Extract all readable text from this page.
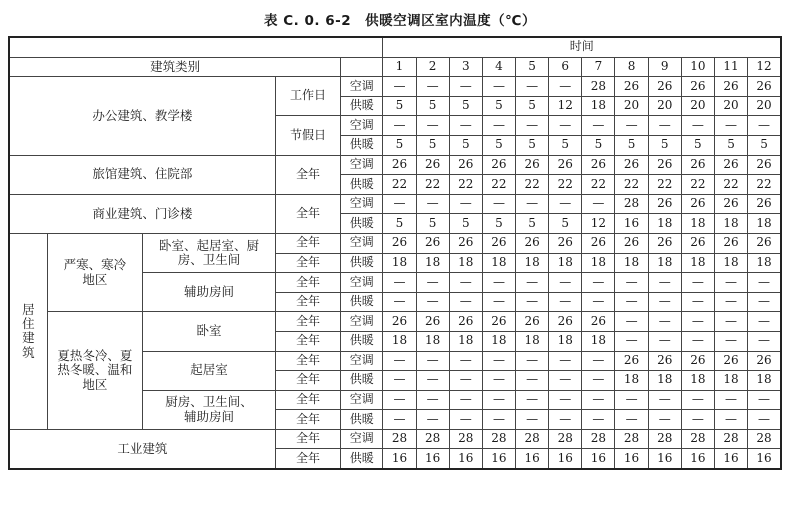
表 C. 0. 6-2　供暖空调区室内温度（℃）
					时间											
建筑类别					1	2	3	4	5	6	7	8	9	10	11	12
办公建筑、教学楼			工作日	空调	—	—	—	—	—	—	28	26	26	26	26	26
				供暖	5	5	5	5	5	12	18	20	20	20	20	20
			节假日	空调	—	—	—	—	—	—	—	—	—	—	—	—
				供暖	5	5	5	5	5	5	5	5	5	5	5	5
旅馆建筑、住院部			全年	空调	26	26	26	26	26	26	26	26	26	26	26	26
				供暖	22	22	22	22	22	22	22	22	22	22	22	22
商业建筑、门诊楼			全年	空调	—	—	—	—	—	—	—	28	26	26	26	26
				供暖	5	5	5	5	5	5	12	16	18	18	18	18
居住建筑	严寒、寒冷地区	卧室、起居室、厨房、卫生间	全年	空调	26	26	26	26	26	26	26	26	26	26	26	26
			全年	供暖	18	18	18	18	18	18	18	18	18	18	18	18
		辅助房间	全年	空调	—	—	—	—	—	—	—	—	—	—	—	—
			全年	供暖	—	—	—	—	—	—	—	—	—	—	—	—
	夏热冬冷、夏热冬暖、温和地区	卧室	全年	空调	26	26	26	26	26	26	26	—	—	—	—	—
			全年	供暖	18	18	18	18	18	18	18	—	—	—	—	—
		起居室	全年	空调	—	—	—	—	—	—	—	26	26	26	26	26
			全年	供暖	—	—	—	—	—	—	—	18	18	18	18	18
		厨房、卫生间、辅助房间	全年	空调	—	—	—	—	—	—	—	—	—	—	—	—
			全年	供暖	—	—	—	—	—	—	—	—	—	—	—	—
工业建筑			全年	空调	28	28	28	28	28	28	28	28	28	28	28	28
			全年	供暖	16	16	16	16	16	16	16	16	16	16	16	16
